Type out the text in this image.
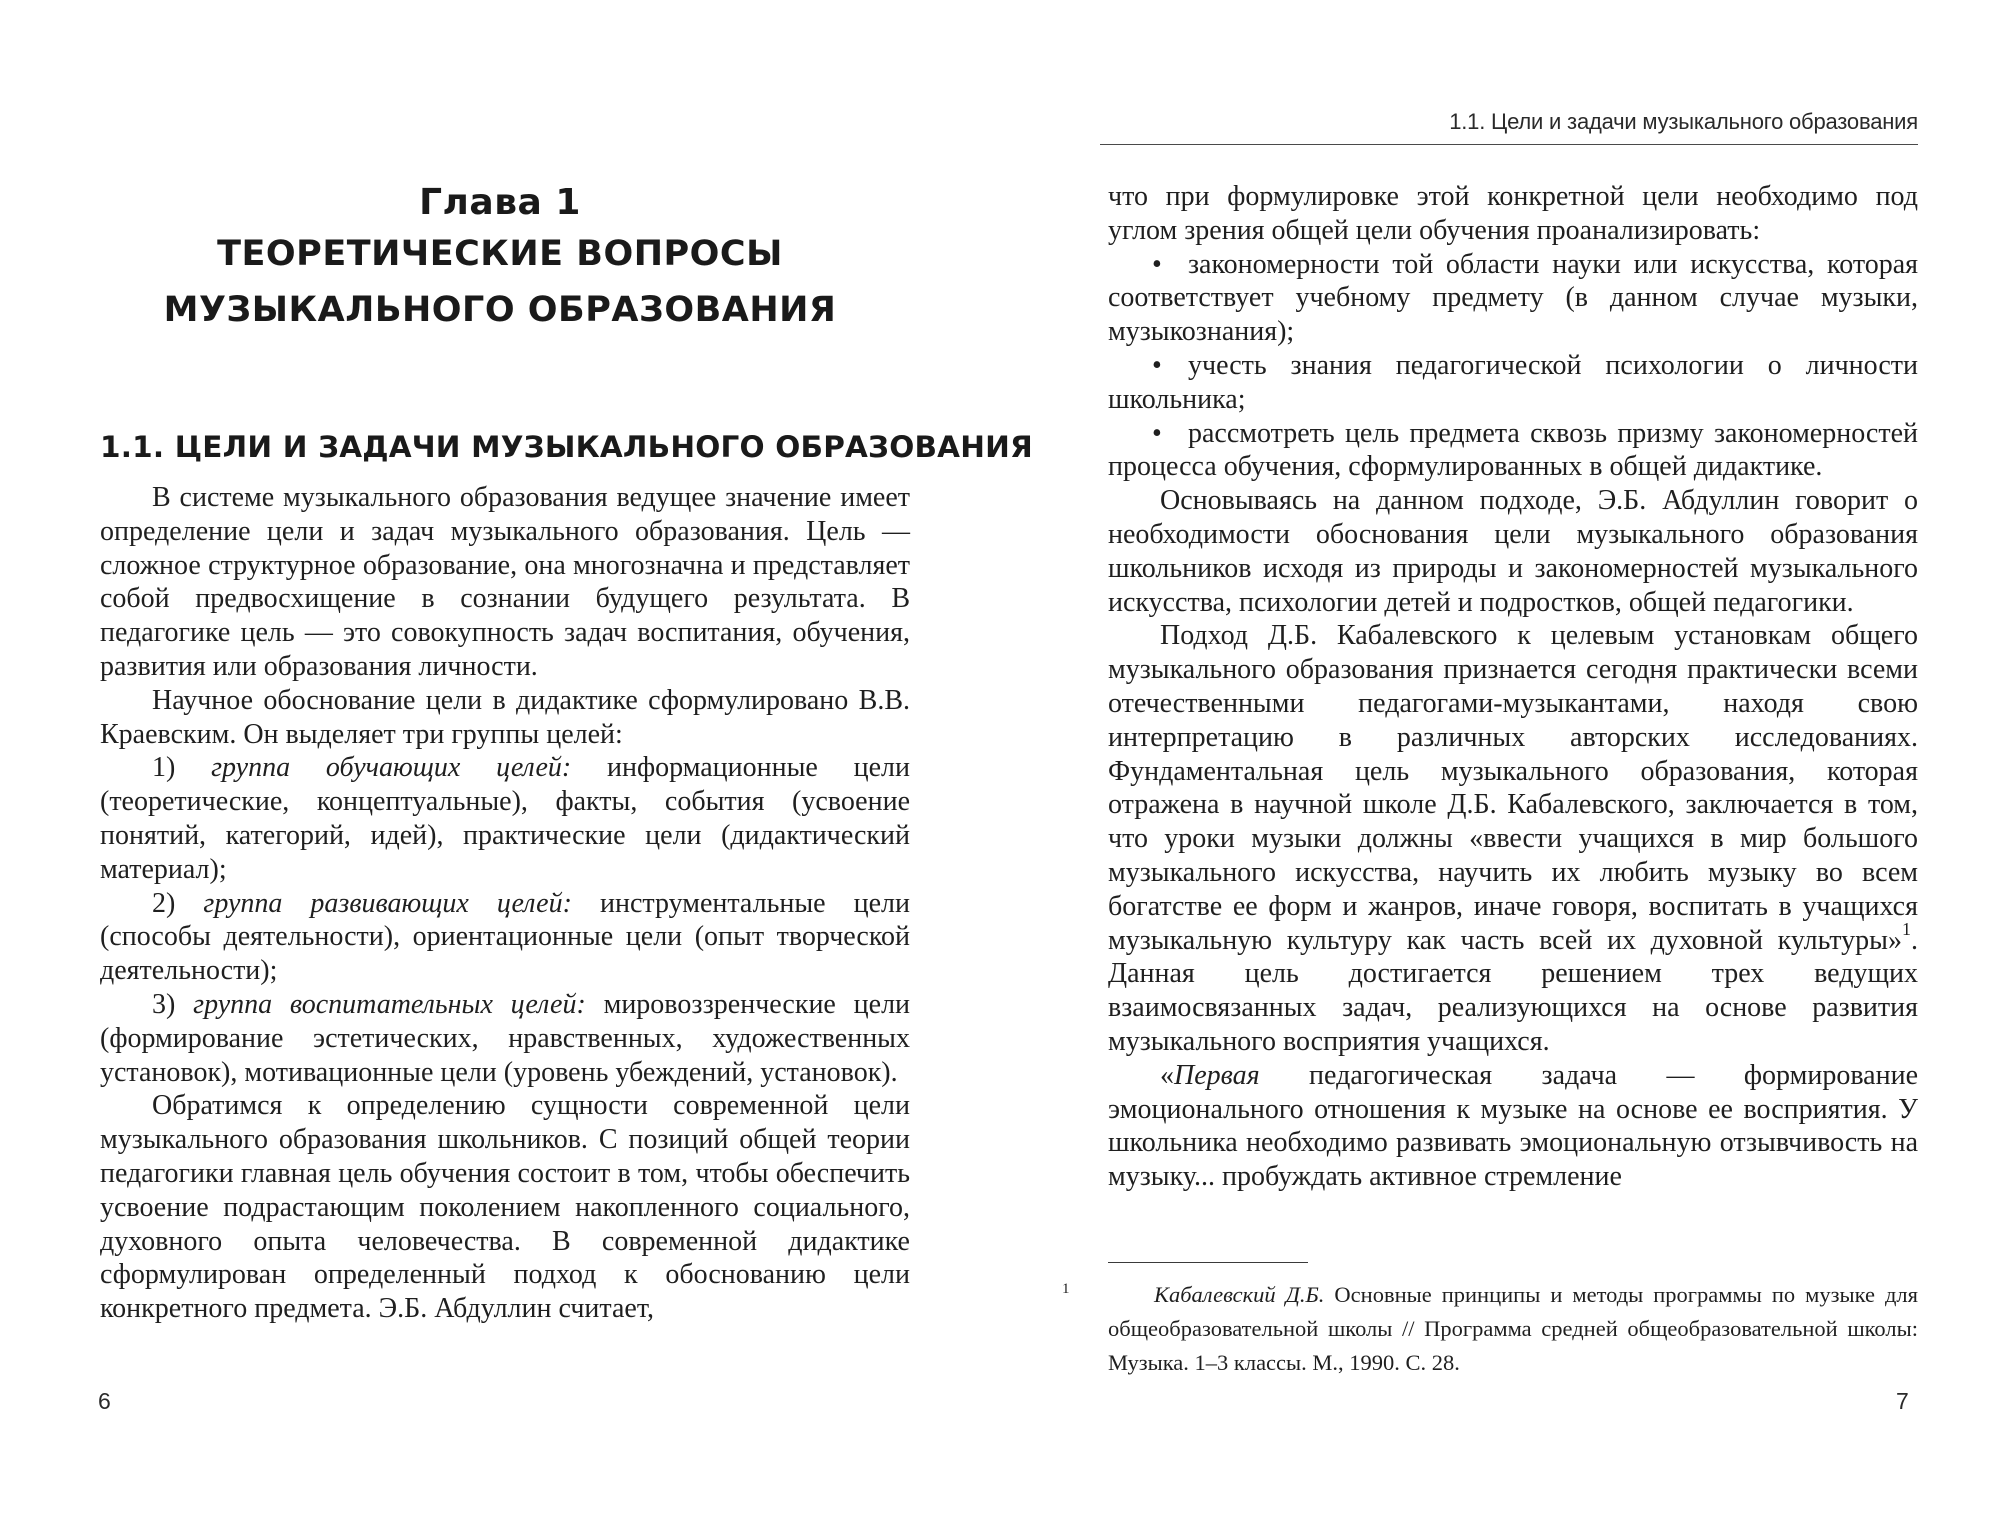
Глава 1
ТЕОРЕТИЧЕСКИЕ ВОПРОСЫ
МУЗЫКАЛЬНОГО ОБРАЗОВАНИЯ
1.1. ЦЕЛИ И ЗАДАЧИ МУЗЫКАЛЬНОГО ОБРАЗОВАНИЯ

В системе музыкального образования ведущее значение имеет определение цели и задач музыкального образования. Цель — сложное структурное образование, она многозначна и представляет собой предвосхищение в сознании будущего результата. В педагогике цель — это совокупность задач воспитания, обучения, развития или образования личности.

Научное обоснование цели в дидактике сформулировано В.В. Краевским. Он выделяет три группы целей:

1) группа обучающих целей: информационные цели (теоретические, концептуальные), факты, события (усвоение понятий, категорий, идей), практические цели (дидактический материал);

2) группа развивающих целей: инструментальные цели (способы деятельности), ориентационные цели (опыт творческой деятельности);

3) группа воспитательных целей: мировоззренческие цели (формирование эстетических, нравственных, художественных установок), мотивационные цели (уровень убеждений, установок).

Обратимся к определению сущности современной цели музыкального образования школьников. С позиций общей теории педагогики главная цель обучения состоит в том, чтобы обеспечить усвоение подрастающим поколением накопленного социального, духовного опыта человечества. В современной дидактике сформулирован определенный подход к обоснованию цели конкретного предмета. Э.Б. Абдуллин считает,

6
1.1. Цели и задачи музыкального образования

что при формулировке этой конкретной цели необходимо под углом зрения общей цели обучения проанализировать:

• закономерности той области науки или искусства, которая соответствует учебному предмету (в данном случае музыки, музыкознания);

• учесть знания педагогической психологии о личности школьника;

• рассмотреть цель предмета сквозь призму закономерностей процесса обучения, сформулированных в общей дидактике.

Основываясь на данном подходе, Э.Б. Абдуллин говорит о необходимости обоснования цели музыкального образования школьников исходя из природы и закономерностей музыкального искусства, психологии детей и подростков, общей педагогики.

Подход Д.Б. Кабалевского к целевым установкам общего музыкального образования признается сегодня практически всеми отечественными педагогами-музыкантами, находя свою интерпретацию в различных авторских исследованиях. Фундаментальная цель музыкального образования, которая отражена в научной школе Д.Б. Кабалевского, заключается в том, что уроки музыки должны «ввести учащихся в мир большого музыкального искусства, научить их любить музыку во всем богатстве ее форм и жанров, иначе говоря, воспитать в учащихся музыкальную культуру как часть всей их духовной культуры»$^1$. Данная цель достигается решением трех ведущих взаимосвязанных задач, реализующихся на основе развития музыкального восприятия учащихся.

«Первая педагогическая задача — формирование эмоционального отношения к музыке на основе ее восприятия. У школьника необходимо развивать эмоциональную отзывчивость на музыку... пробуждать активное стремление

1	Кабалевский Д.Б. Основные принципы и методы программы по музыке для общеобразовательной школы // Программа средней общеобразовательной школы: Музыка. 1–3 классы. М., 1990. С. 28.

7
